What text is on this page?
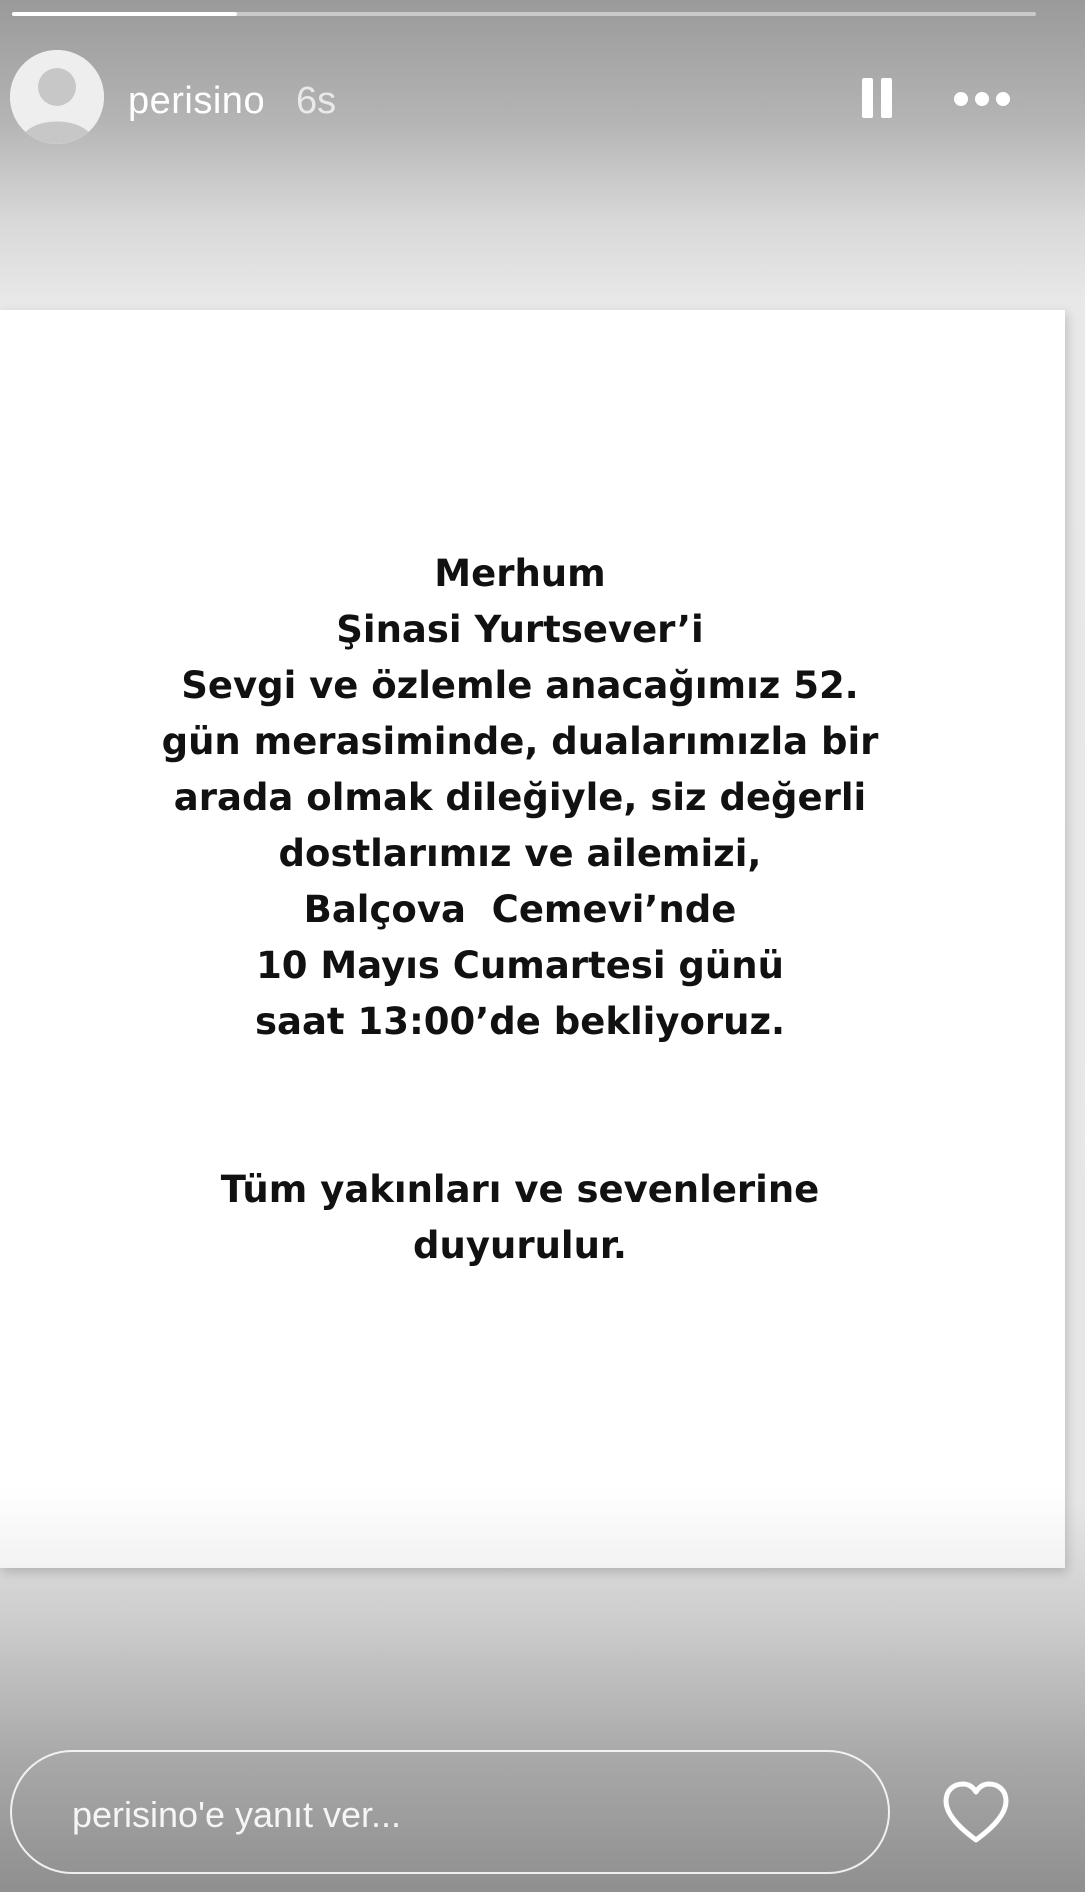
perisino 6s
Merhum
Şinasi Yurtsever’i
Sevgi ve özlemle anacağımız 52.
gün merasiminde, dualarımızla bir
arada olmak dileğiyle, siz değerli
dostlarımız ve ailemizi,
Balçova  Cemevi’nde
10 Mayıs Cumartesi günü
saat 13:00’de bekliyoruz.
Tüm yakınları ve sevenlerine
duyurulur.
perisino'e yanıt ver...
